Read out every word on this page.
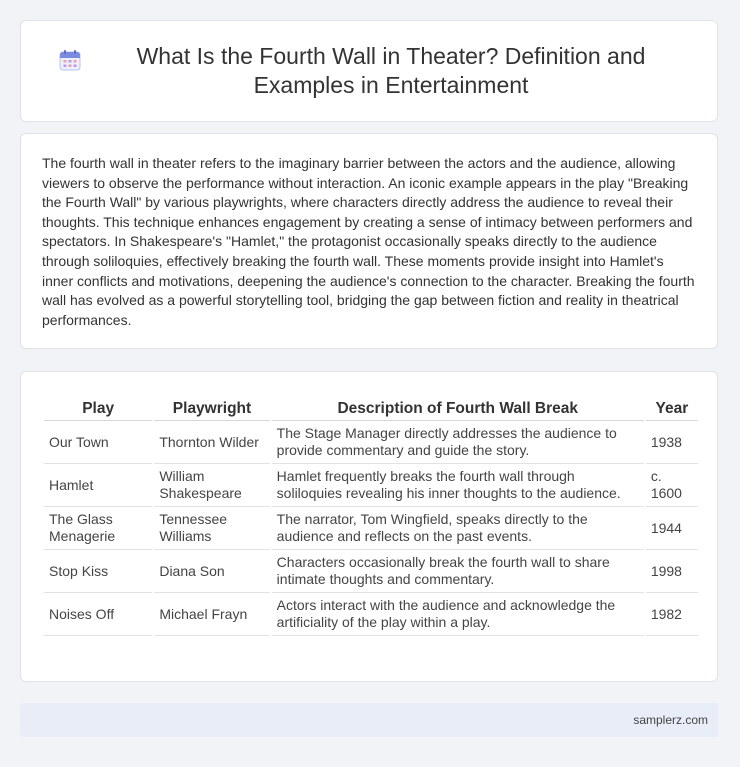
What Is the Fourth Wall in Theater? Definition and Examples in Entertainment

The fourth wall in theater refers to the imaginary barrier between the actors and the audience, allowing viewers to observe the performance without interaction. An iconic example appears in the play "Breaking the Fourth Wall" by various playwrights, where characters directly address the audience to reveal their thoughts. This technique enhances engagement by creating a sense of intimacy between performers and spectators. In Shakespeare's "Hamlet," the protagonist occasionally speaks directly to the audience through soliloquies, effectively breaking the fourth wall. These moments provide insight into Hamlet's inner conflicts and motivations, deepening the audience's connection to the character. Breaking the fourth wall has evolved as a powerful storytelling tool, bridging the gap between fiction and reality in theatrical performances.

Play	Playwright	Description of Fourth Wall Break	Year
Our Town	Thornton Wilder	The Stage Manager directly addresses the audience to provide commentary and guide the story.	1938
Hamlet	William Shakespeare	Hamlet frequently breaks the fourth wall through soliloquies revealing his inner thoughts to the audience.	c. 1600
The Glass Menagerie	Tennessee Williams	The narrator, Tom Wingfield, speaks directly to the audience and reflects on the past events.	1944
Stop Kiss	Diana Son	Characters occasionally break the fourth wall to share intimate thoughts and commentary.	1998
Noises Off	Michael Frayn	Actors interact with the audience and acknowledge the artificiality of the play within a play.	1982
samplerz.com
